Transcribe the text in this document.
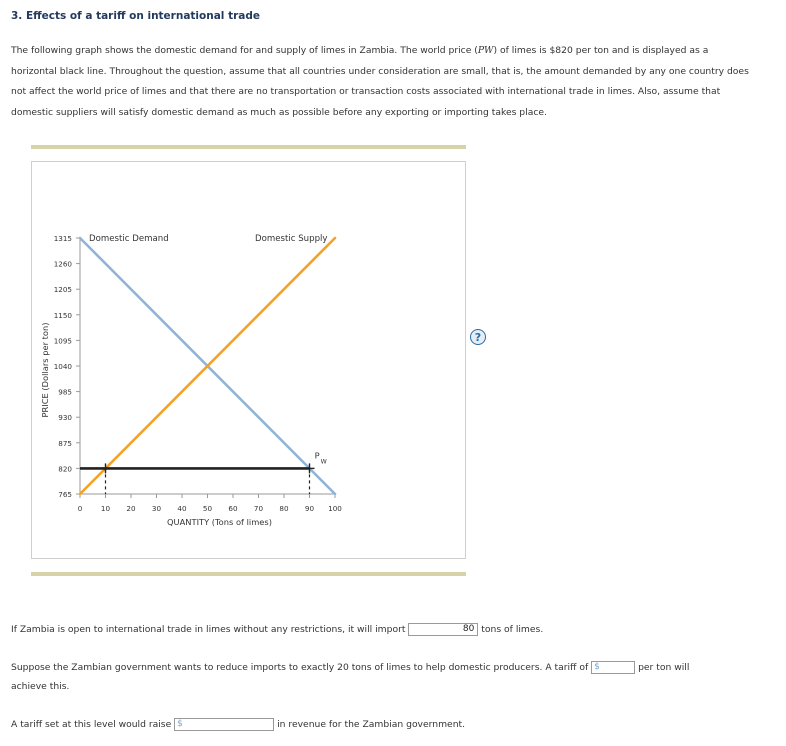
3. Effects of a tariff on international trade
The following graph shows the domestic demand for and supply of limes in Zambia. The world price (PW) of limes is $820 per ton and is displayed as a horizontal black line. Throughout the question, assume that all countries under consideration are small, that is, the amount demanded by any one country does not affect the world price of limes and that there are no transportation or transaction costs associated with international trade in limes. Also, assume that domestic suppliers will satisfy domestic demand as much as possible before any exporting or importing takes place.
?
765
820
875
930
985
1040
1095
1150
1205
1260
1315
0	10 20 30 40 50 60 70 80 90 100
QUANTITY (Tons of limes)
PRICE (Dollars per ton)
Domestic Demand	Domestic Supply
P
W
If Zambia is open to international trade in limes without any restrictions, it will import	80 tons of limes.
Suppose the Zambian government wants to reduce imports to exactly 20 tons of limes to help domestic producers. A tariff of $	per ton will
achieve this.
A tariff set at this level would raise $	in revenue for the Zambian government.
